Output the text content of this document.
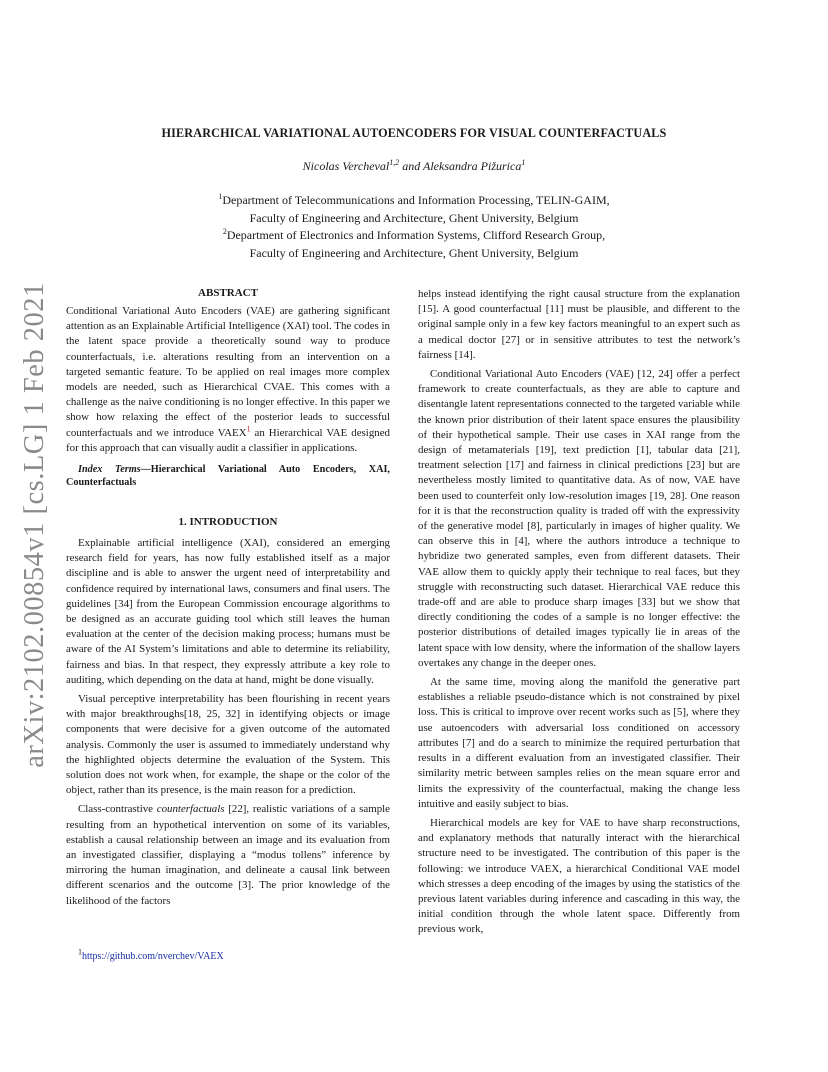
arXiv:2102.00854v1 [cs.LG] 1 Feb 2021
HIERARCHICAL VARIATIONAL AUTOENCODERS FOR VISUAL COUNTERFACTUALS
Nicolas Vercheval$^{1,2}$ and Aleksandra Pižurica$^1$
$^1$Department of Telecommunications and Information Processing, TELIN-GAIM,
Faculty of Engineering and Architecture, Ghent University, Belgium
$^2$Department of Electronics and Information Systems, Clifford Research Group,
Faculty of Engineering and Architecture, Ghent University, Belgium
ABSTRACT

Conditional Variational Auto Encoders (VAE) are gathering significant attention as an Explainable Artificial Intelligence (XAI) tool. The codes in the latent space provide a theoretically sound way to produce counterfactuals, i.e. alterations resulting from an intervention on a targeted semantic feature. To be applied on real images more complex models are needed, such as Hierarchical CVAE. This comes with a challenge as the naive conditioning is no longer effective. In this paper we show how relaxing the effect of the posterior leads to successful counterfactuals and we introduce VAEX$^1$ an Hierarchical VAE designed for this approach that can visually audit a classifier in applications.

Index Terms—Hierarchical Variational Auto Encoders, XAI, Counterfactuals

1. INTRODUCTION

Explainable artificial intelligence (XAI), considered an emerging research field for years, has now fully established itself as a major discipline and is able to answer the urgent need of interpretability and confidence required by international laws, consumers and final users. The guidelines [34] from the European Commission encourage algorithms to be designed as an accurate guiding tool which still leaves the human evaluation at the center of the decision making process; humans must be aware of the AI System’s limitations and able to determine its reliability, fairness and bias. In that respect, they expressly attribute a key role to auditing, which depending on the data at hand, might be done visually.

Visual perceptive interpretability has been flourishing in recent years with major breakthroughs[18, 25, 32] in identifying objects or image components that were decisive for a given outcome of the automated analysis. Commonly the user is assumed to immediately understand why the highlighted objects determine the evaluation of the System. This solution does not work when, for example, the shape or the color of the object, rather than its presence, is the main reason for a prediction.

Class-contrastive counterfactuals [22], realistic variations of a sample resulting from an hypothetical intervention on some of its variables, establish a causal relationship between an image and its evaluation from an investigated classifier, displaying a “modus tollens” inference by mirroring the human imagination, and delineate a causal link between different scenarios and the outcome [3]. The prior knowledge of the likelihood of the factors

helps instead identifying the right causal structure from the explanation [15]. A good counterfactual [11] must be plausible, and different to the original sample only in a few key factors meaningful to an expert such as a medical doctor [27] or in sensitive attributes to test the network’s fairness [14].

Conditional Variational Auto Encoders (VAE) [12, 24] offer a perfect framework to create counterfactuals, as they are able to capture and disentangle latent representations connected to the targeted variable while the known prior distribution of their latent space ensures the plausibility of their hypothetical sample. Their use cases in XAI range from the design of metamaterials [19], text prediction [1], tabular data [21], treatment selection [17] and fairness in clinical predictions [23] but are nevertheless mostly limited to quantitative data. As of now, VAE have been used to counterfeit only low-resolution images [19, 28]. One reason for it is that the reconstruction quality is traded off with the expressivity of the generative model [8], particularly in images of higher quality. We can observe this in [4], where the authors introduce a technique to hybridize two generated samples, even from different datasets. Their VAE allow them to quickly apply their technique to real faces, but they struggle with reconstructing such dataset. Hierarchical VAE reduce this trade-off and are able to produce sharp images [33] but we show that directly conditioning the codes of a sample is no longer effective: the posterior distributions of detailed images typically lie in areas of the latent space with low density, where the information of the shallow layers overtakes any change in the deeper ones.

At the same time, moving along the manifold the generative part establishes a reliable pseudo-distance which is not constrained by pixel loss. This is critical to improve over recent works such as [5], where they use autoencoders with adversarial loss conditioned on accessory attributes [7] and do a search to minimize the required perturbation that results in a different evaluation from an investigated classifier. Their similarity metric between samples relies on the mean square error and limits the expressivity of the counterfactual, making the change less intuitive and easily subject to bias.

Hierarchical models are key for VAE to have sharp reconstructions, and explanatory methods that naturally interact with the hierarchical structure need to be investigated. The contribution of this paper is the following: we introduce VAEX, a hierarchical Conditional VAE model which stresses a deep encoding of the images by using the statistics of the previous latent variables during inference and cascading in this way, the initial condition through the whole latent space. Differently from previous work,

$^1$https://github.com/nverchev/VAEX
